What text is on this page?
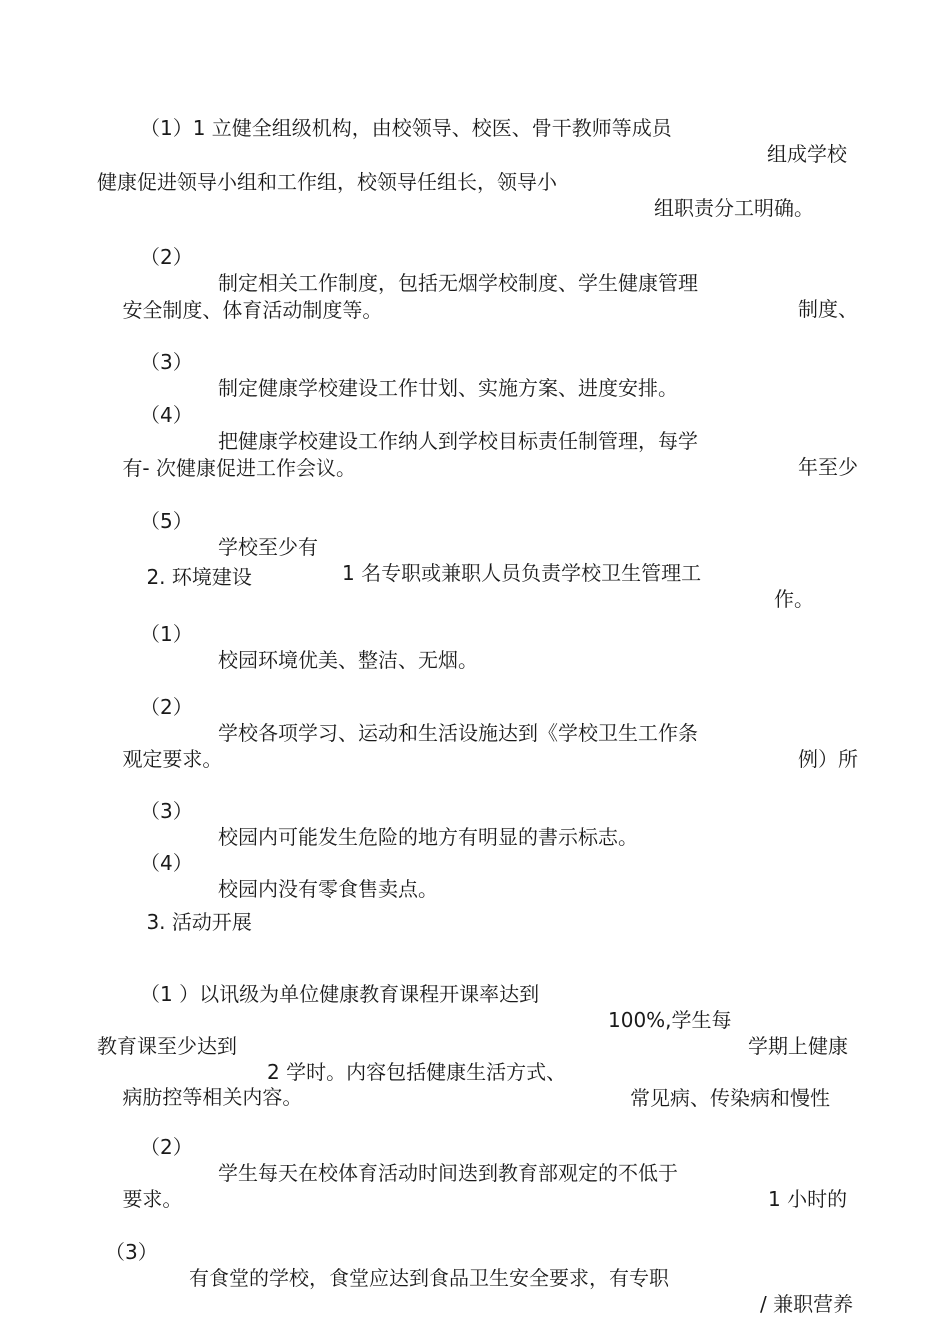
（1）1 立健全组级机构，由校领导、校医、骨干教师等成员

组成学校

健康促进领导小组和工作组，校领导任组长，领导小

组职责分工明确。

（2）

制定相关工作制度，包括无烟学校制度、学生健康管理

制度、

安全制度、体育活动制度等。

（3）

制定健康学校建设工作廿划、实施方案、进度安排。

（4）

把健康学校建设工作纳人到学校目标责任制管理，每学

年至少

有- 次健康促进工作会议。

（5）

学校至少有

1 名专职或兼职人员负责学校卫生管理工

作。

2. 环境建设

（1）

校园环境优美、整洁、无烟。

（2）

学校各项学习、运动和生活设施达到《学校卫生工作条

例）所

观定要求。

（3）

校园内可能发生危险的地方有明显的書示标志。

（4）

校园内没有零食售卖点。

3. 活动开展

（1 ）以讯级为单位健康教育课程开课率达到

100%,学生每

学期上健康

教育课至少达到

2 学时。内容包括健康生活方式、

常见病、传染病和慢性

病肪控等相关内容。

（2）

学生每天在校体育活动时间迭到教育部观定的不低于

1 小时的

要求。

（3）

有食堂的学校，食堂应达到食品卫生安全要求，有专职

/ 兼职营养
